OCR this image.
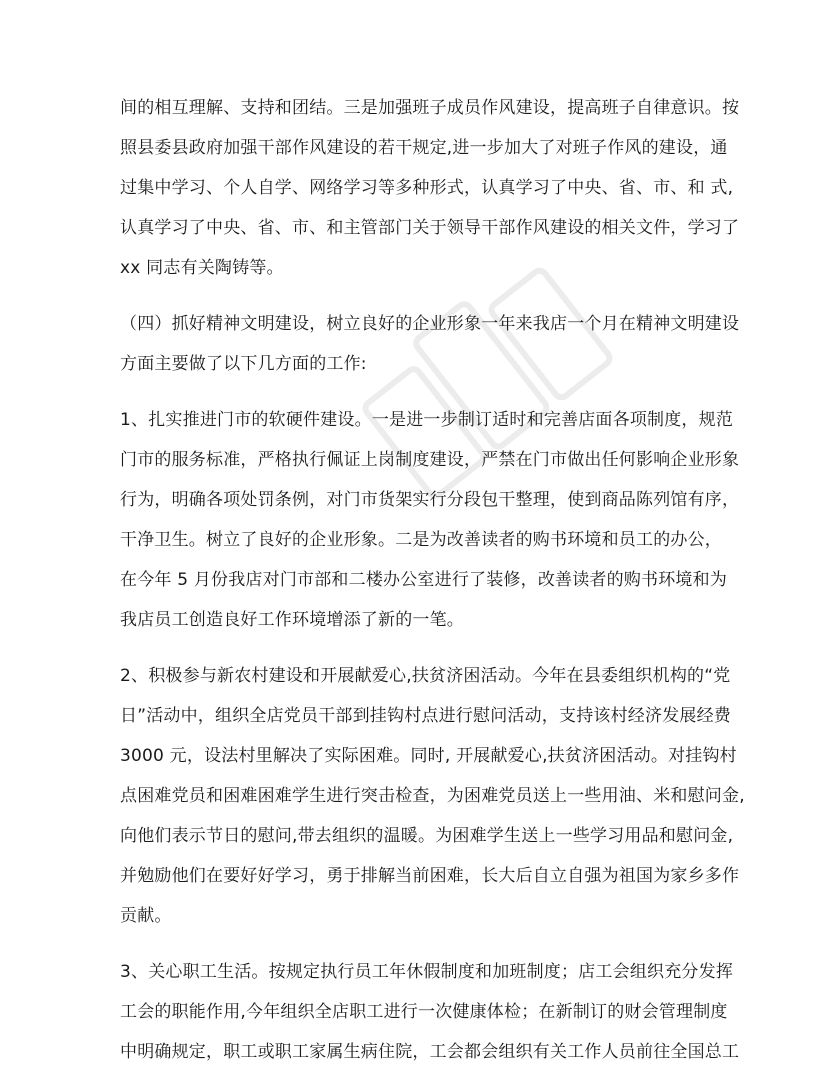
间的相互理解、支持和团结。三是加强班子成员作风建设，提高班子自律意识。按
照县委县政府加强干部作风建设的若干规定,进一步加大了对班子作风的建设，通
过集中学习、个人自学、网络学习等多种形式，认真学习了中央、省、市、和 式,
认真学习了中央、省、市、和主管部门关于领导干部作风建设的相关文件，学习了
xx 同志有关陶铸等。
（四）抓好精神文明建设，树立良好的企业形象一年来我店一个月在精神文明建设
方面主要做了以下几方面的工作:
1、扎实推进门市的软硬件建设。一是进一步制订适时和完善店面各项制度，规范
门市的服务标准，严格执行佩证上岗制度建设，严禁在门市做出任何影响企业形象
行为，明确各项处罚条例，对门市货架实行分段包干整理，使到商品陈列馆有序，
干净卫生。树立了良好的企业形象。二是为改善读者的购书环境和员工的办公，
在今年 5 月份我店对门市部和二楼办公室进行了装修，改善读者的购书环境和为
我店员工创造良好工作环境增添了新的一笔。
2、积极参与新农村建设和开展献爱心,扶贫济困活动。今年在县委组织机构的“党
日”活动中，组织全店党员干部到挂钩村点进行慰问活动，支持该村经济发展经费
3000 元，设法村里解决了实际困难。同时, 开展献爱心,扶贫济困活动。对挂钩村
点困难党员和困难困难学生进行突击检查，为困难党员送上一些用油、米和慰问金,
向他们表示节日的慰问,带去组织的温暖。为困难学生送上一些学习用品和慰问金,
并勉励他们在要好好学习，勇于排解当前困难，长大后自立自强为祖国为家乡多作
贡献。
3、关心职工生活。按规定执行员工年休假制度和加班制度；店工会组织充分发挥
工会的职能作用,今年组织全店职工进行一次健康体检；在新制订的财会管理制度
中明确规定，职工或职工家属生病住院，工会都会组织有关工作人员前往全国总工
